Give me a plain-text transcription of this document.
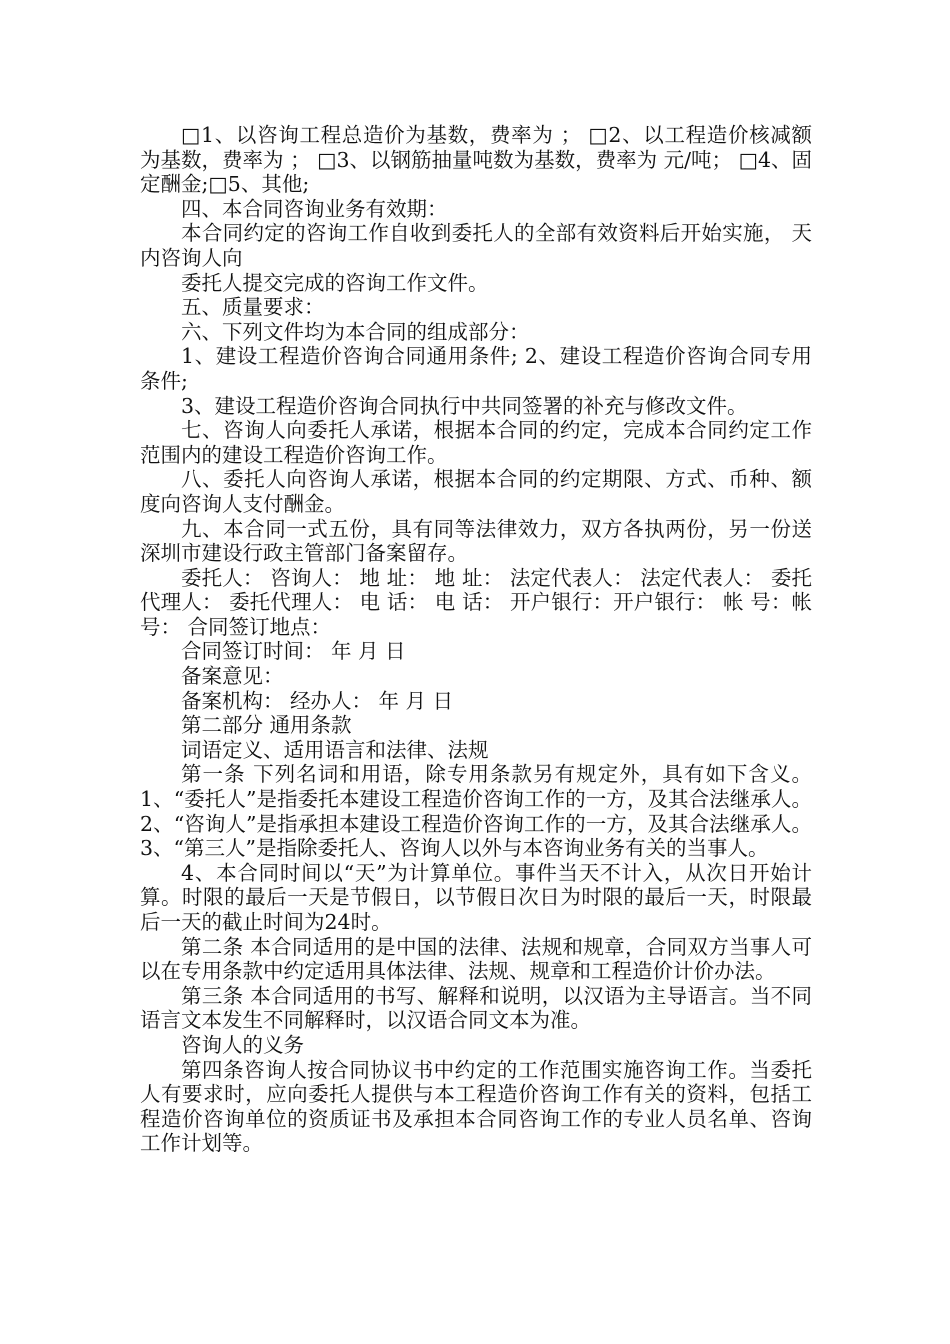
□1、以咨询工程总造价为基数，费率为 ； □2、以工程造价核减额为基数，费率为 ； □3、以钢筋抽量吨数为基数，费率为 元/吨； □4、固定酬金;□5、其他;

四、本合同咨询业务有效期：

本合同约定的咨询工作自收到委托人的全部有效资料后开始实施， 天内咨询人向

委托人提交完成的咨询工作文件。

五、质量要求：

六、下列文件均为本合同的组成部分：

1、建设工程造价咨询合同通用条件; 2、建设工程造价咨询合同专用条件;

3、建设工程造价咨询合同执行中共同签署的补充与修改文件。

七、咨询人向委托人承诺，根据本合同的约定，完成本合同约定工作范围内的建设工程造价咨询工作。

八、委托人向咨询人承诺，根据本合同的约定期限、方式、币种、额度向咨询人支付酬金。

九、本合同一式五份，具有同等法律效力，双方各执两份，另一份送深圳市建设行政主管部门备案留存。

委托人： 咨询人： 地 址： 地 址： 法定代表人： 法定代表人： 委托代理人： 委托代理人： 电 话： 电 话： 开户银行：开户银行： 帐 号：帐 号： 合同签订地点：

合同签订时间： 年 月 日

备案意见：

备案机构： 经办人： 年 月 日

第二部分 通用条款

词语定义、适用语言和法律、法规

第一条 下列名词和用语，除专用条款另有规定外，具有如下含义。 1、“委托人”是指委托本建设工程造价咨询工作的一方，及其合法继承人。2、“咨询人”是指承担本建设工程造价咨询工作的一方，及其合法继承人。 3、“第三人”是指除委托人、咨询人以外与本咨询业务有关的当事人。

4、本合同时间以“天”为计算单位。事件当天不计入，从次日开始计算。时限的最后一天是节假日，以节假日次日为时限的最后一天，时限最后一天的截止时间为24时。

第二条 本合同适用的是中国的法律、法规和规章，合同双方当事人可以在专用条款中约定适用具体法律、法规、规章和工程造价计价办法。

第三条 本合同适用的书写、解释和说明，以汉语为主导语言。当不同语言文本发生不同解释时，以汉语合同文本为准。

咨询人的义务

第四条咨询人按合同协议书中约定的工作范围实施咨询工作。当委托人有要求时，应向委托人提供与本工程造价咨询工作有关的资料，包括工程造价咨询单位的资质证书及承担本合同咨询工作的专业人员名单、咨询工作计划等。
